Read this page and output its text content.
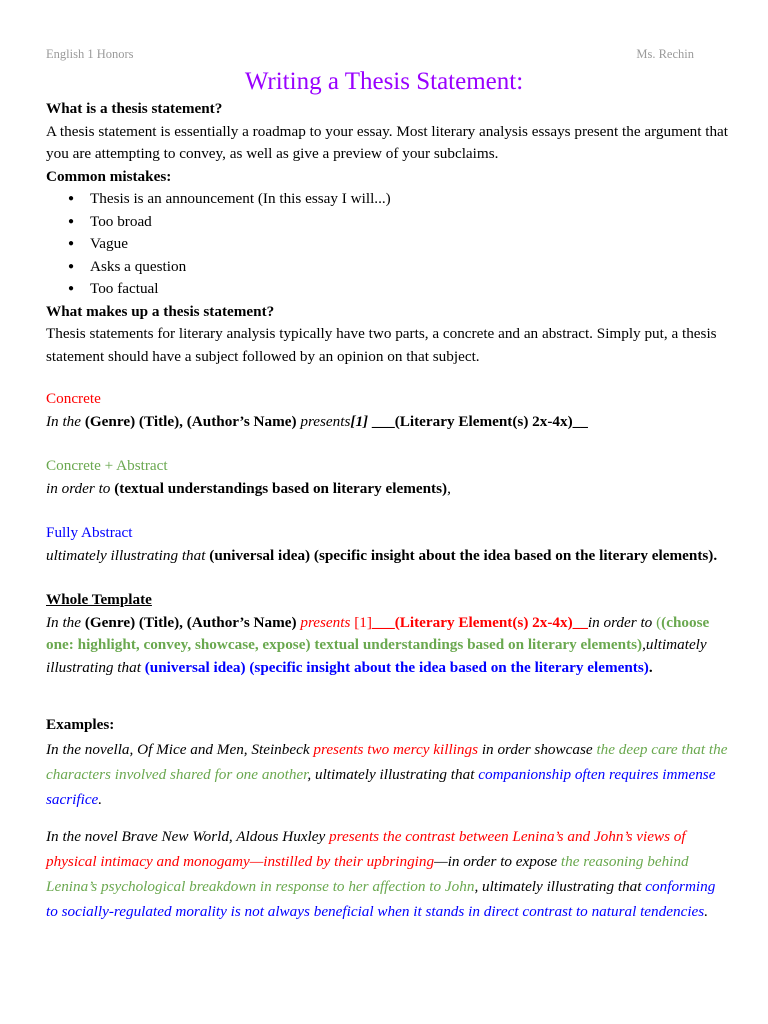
English 1 Honors	Ms. Rechin
Writing a Thesis Statement:

What is a thesis statement?

A thesis statement is essentially a roadmap to your essay. Most literary analysis essays present the argument that you are attempting to convey, as well as give a preview of your subclaims.

Common mistakes:

● Thesis is an announcement (In this essay I will...)
● Too broad
● Vague
● Asks a question
● Too factual

What makes up a thesis statement?

Thesis statements for literary analysis typically have two parts, a concrete and an abstract. Simply put, a thesis statement should have a subject followed by an opinion on that subject.

Concrete

In the (Genre) (Title), (Author’s Name) presents[1] ___(Literary Element(s) 2x-4x)__

Concrete + Abstract

in order to (textual understandings based on literary elements),

Fully Abstract

ultimately illustrating that (universal idea) (specific insight about the idea based on the literary elements).

Whole Template

In the (Genre) (Title), (Author’s Name) presents [1]___(Literary Element(s) 2x-4x)__in order to ((choose one: highlight, convey, showcase, expose) textual understandings based on literary elements),ultimately illustrating that (universal idea) (specific insight about the idea based on the literary elements).

Examples:

In the novella, Of Mice and Men, Steinbeck presents two mercy killings in order showcase the deep care that the characters involved shared for one another, ultimately illustrating that companionship often requires immense sacrifice.

In the novel Brave New World, Aldous Huxley presents the contrast between Lenina’s and John’s views of physical intimacy and monogamy—instilled by their upbringing—in order to expose the reasoning behind Lenina’s psychological breakdown in response to her affection to John, ultimately illustrating that conforming to socially-regulated morality is not always beneficial when it stands in direct contrast to natural tendencies.
